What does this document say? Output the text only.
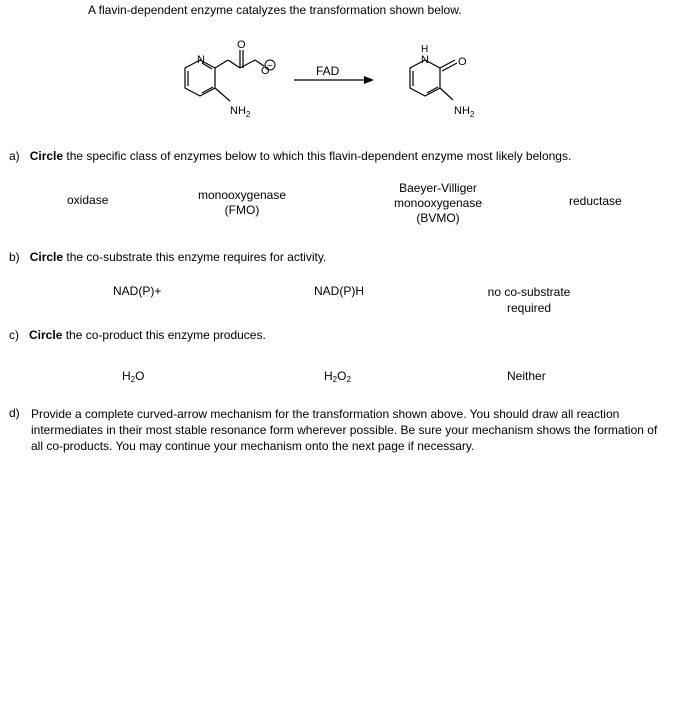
A flavin-dependent enzyme catalyzes the transformation shown below.
N
O
O
−
$NH_2$
FAD
H
N	O
$NH_2$
a) Circle the specific class of enzymes below to which this flavin-dependent enzyme most likely belongs.
oxidase	monooxygenase
(FMO)
Baeyer-Villiger
monooxygenase
(BVMO)
reductase
b) Circle the co-substrate this enzyme requires for activity.
NAD(P)+	NAD(P)H	no co-substrate
required
c) Circle the co-product this enzyme produces.
$H_2O$	$H_2O_2$	Neither
d) Provide a complete curved-arrow mechanism for the transformation shown above. You should draw all reaction intermediates in their most stable resonance form wherever possible. Be sure your mechanism shows the formation of all co-products. You may continue your mechanism onto the next page if necessary.
